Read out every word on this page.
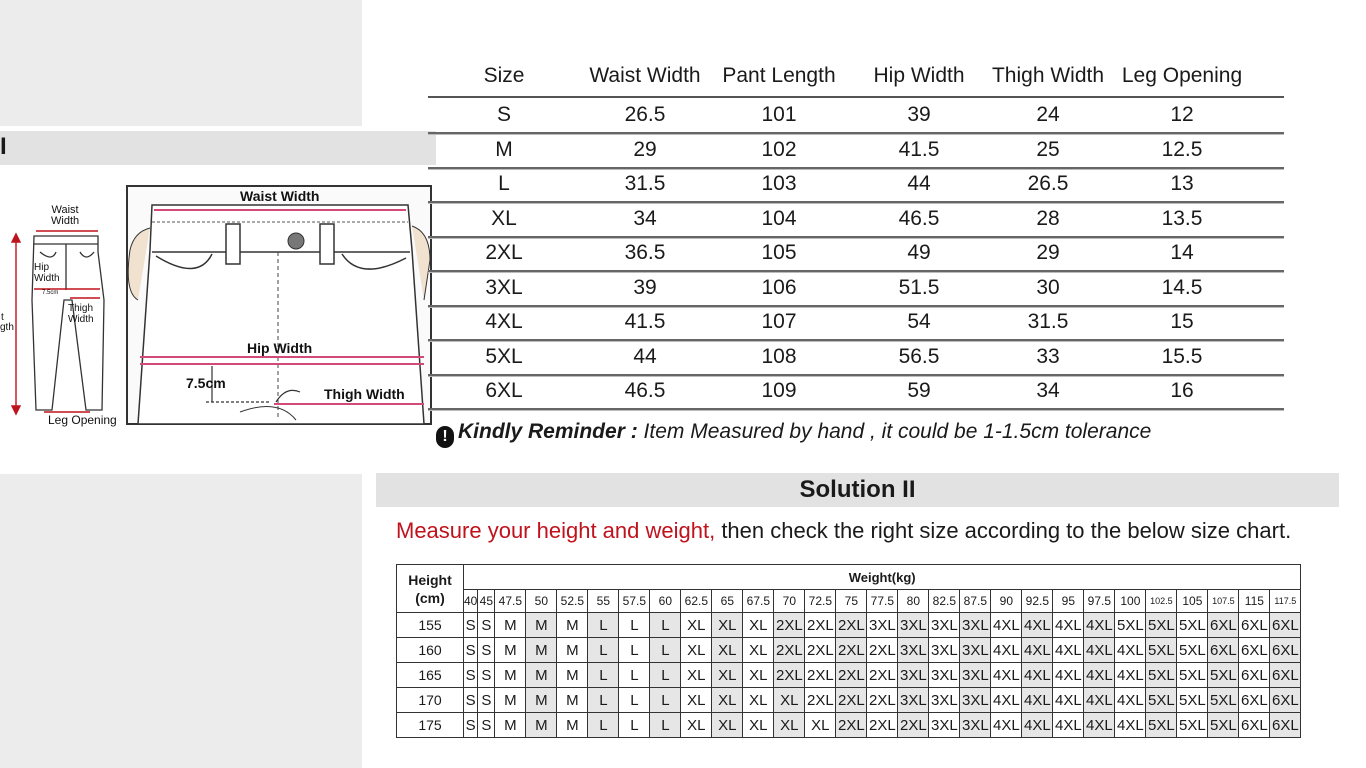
I
Waist
Width
Hip
Width
7.5cm
Thigh
Width
t
gth
Leg Opening
Waist Width
Hip Width
7.5cm
Thigh Width
Size	Waist Width	Pant Length	Hip Width	Thigh Width Leg Opening
S	26.5	101	39	24	12
M	29	102	41.5	25	12.5
L	31.5	103	44	26.5	13
XL	34	104	46.5	28	13.5
2XL	36.5	105	49	29	14
3XL	39	106	51.5	30	14.5
4XL	41.5	107	54	31.5	15
5XL	44	108	56.5	33	15.5
6XL	46.5	109	59	34	16
! Kindly Reminder : Item Measured by hand , it could be 1-1.5cm tolerance
Solution II
Measure your height and weight, then check the right size according to the below size chart.
Height
(cm)	Weight(kg)																											
	40	45	47.5	50	52.5	55	57.5	60	62.5	65	67.5	70	72.5	75	77.5	80	82.5	87.5	90	92.5	95	97.5	100	102.5	105	107.5	115	117.5
155	S	S	M	M	M	L	L	L	XL	XL	XL	2XL	2XL	2XL	3XL	3XL	3XL	3XL	4XL	4XL	4XL	4XL	5XL	5XL	5XL	6XL	6XL	6XL
160	S	S	M	M	M	L	L	L	XL	XL	XL	2XL	2XL	2XL	2XL	3XL	3XL	3XL	4XL	4XL	4XL	4XL	4XL	5XL	5XL	6XL	6XL	6XL
165	S	S	M	M	M	L	L	L	XL	XL	XL	2XL	2XL	2XL	2XL	3XL	3XL	3XL	4XL	4XL	4XL	4XL	4XL	5XL	5XL	5XL	6XL	6XL
170	S	S	M	M	M	L	L	L	XL	XL	XL	XL	2XL	2XL	2XL	3XL	3XL	3XL	4XL	4XL	4XL	4XL	4XL	5XL	5XL	5XL	6XL	6XL
175	S	S	M	M	M	L	L	L	XL	XL	XL	XL	XL	2XL	2XL	2XL	3XL	3XL	4XL	4XL	4XL	4XL	4XL	5XL	5XL	5XL	6XL	6XL
